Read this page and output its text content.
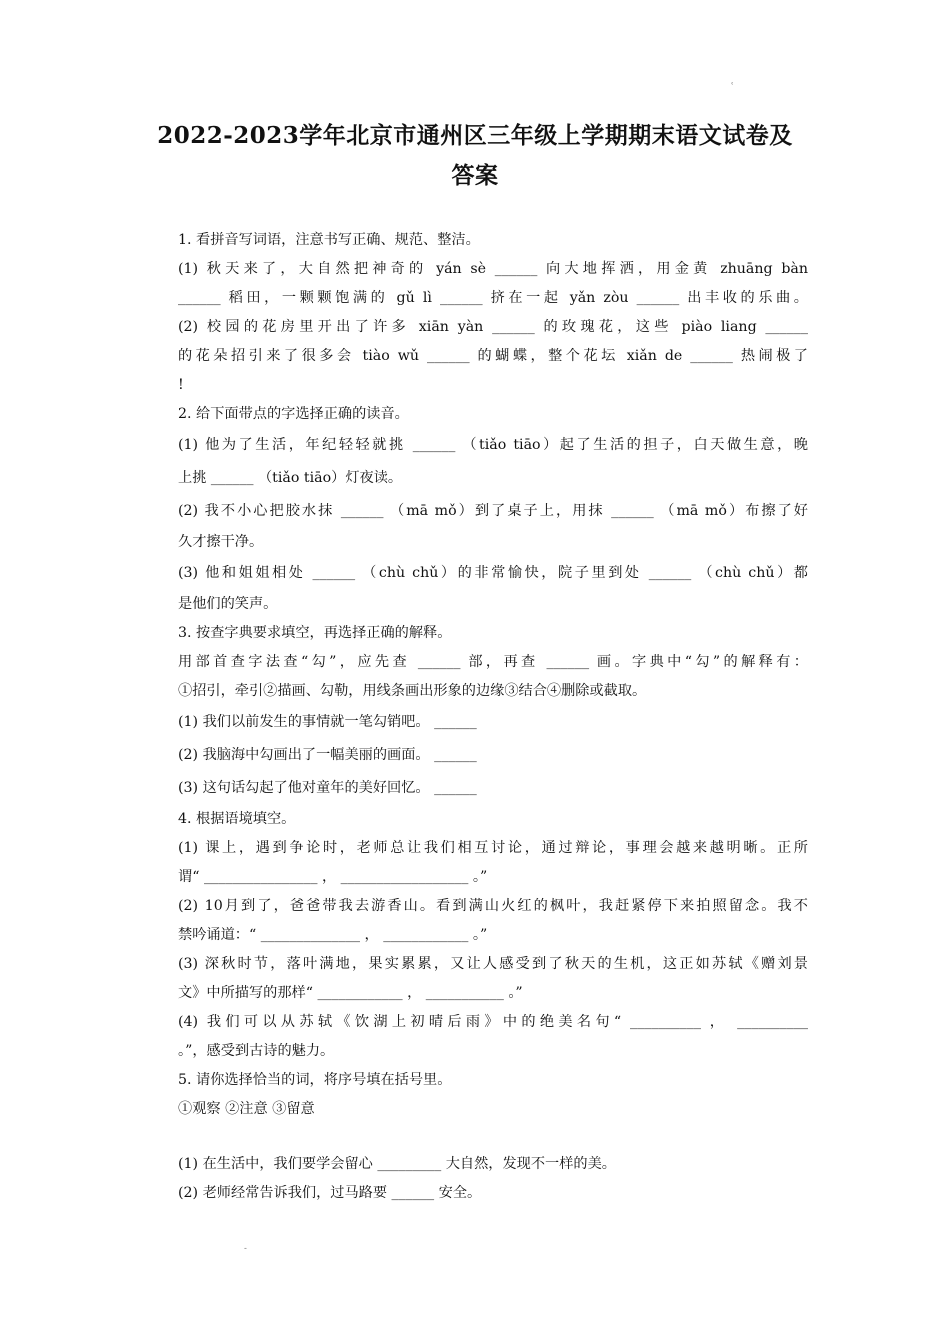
ʿ
2022-2023学年北京市通州区三年级上学期期末语文试卷及
答案
1. 看拼音写词语，注意书写正确、规范、整洁。
(1) 秋天来了，大自然把神奇的 yán sè ______ 向大地挥洒，用金黄 zhuāng bàn
______ 稻田，一颗颗饱满的 gǔ lì ______ 挤在一起 yǎn zòu ______ 出丰收的乐曲。
(2) 校园的花房里开出了许多 xiān yàn ______ 的玫瑰花，这些 piào liang ______
的花朵招引来了很多会 tiào wǔ ______ 的蝴蝶，整个花坛 xiǎn de ______ 热闹极了
!
2. 给下面带点的字选择正确的读音。
(1) 他为了生活，年纪轻轻就挑 ______ （tiǎo tiāo）起了生活的担子，白天做生意，晚
上挑 ______ （tiǎo tiāo）灯夜读。
(2) 我不小心把胶水抹 ______ （mā mǒ）到了桌子上，用抹 ______ （mā mǒ）布擦了好
久才擦干净。
(3) 他和姐姐相处 ______ （chù chǔ）的非常愉快，院子里到处 ______ （chù chǔ）都
是他们的笑声。
3. 按查字典要求填空，再选择正确的解释。
用部首查字法查“勾”，应先查 ______ 部，再查 ______ 画。字典中“勾”的解释有：
①招引，牵引②描画、勾勒，用线条画出形象的边缘③结合④删除或截取。
(1) 我们以前发生的事情就一笔勾销吧。 ______
(2) 我脑海中勾画出了一幅美丽的画面。 ______
(3) 这句话勾起了他对童年的美好回忆。 ______
4. 根据语境填空。
(1) 课上，遇到争论时，老师总让我们相互讨论，通过辩论，事理会越来越明晰。正所
谓“ ________________ ， __________________ 。”
(2) 10月到了，爸爸带我去游香山。看到满山火红的枫叶，我赶紧停下来拍照留念。我不
禁吟诵道：“ ______________ ， ____________ 。”
(3) 深秋时节，落叶满地，果实累累，又让人感受到了秋天的生机，这正如苏轼《赠刘景
文》中所描写的那样“ ____________ ， ___________ 。”
(4) 我们可以从苏轼《饮湖上初晴后雨》中的绝美名句“ __________ ， __________
。”，感受到古诗的魅力。
5. 请你选择恰当的词，将序号填在括号里。
①观察 ②注意 ③留意
(1) 在生活中，我们要学会留心 _________ 大自然，发现不一样的美。
(2) 老师经常告诉我们，过马路要 ______ 安全。
˗
